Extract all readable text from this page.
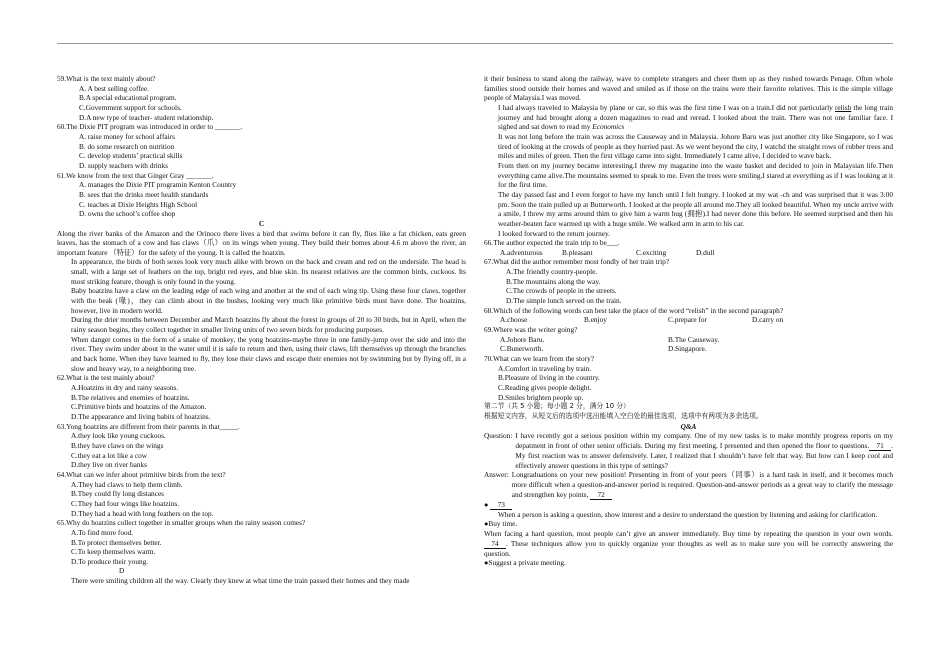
59.What is the text mainly about?
A. A best selling coffee.
B.A special educational program.
C.Government support for schools.
D.A new type of teacher- student relationship.
60.The Dixie PIT program was introduced in order to _______.
A. raise money for school affairs
B. do some research on nutrition
C. develop students’ practical skills
D. supply teachers with drinks
61.We know from the text that Ginger Gray _______.
A. manages the Dixie PIT programin Kenton Country
B. sees that the drinks meet health standards
C. teaches at Dixie Heights High School
D. owns the school’s coffee shop
C
Along the river banks of the Amazon and the Orinoco there lives a bird that swims before it can fly, flies like a fat chicken, eats green leaves, has the stomach of a cow and has claws（爪）on its wings when young. They build their homes about 4.6 m above the river, an important feature （特征）for the safety of the young. It is called the hoatzin.
In appearance, the birds of both sexes look very much alike with brown on the back and cream and red on the underside. The head is small, with a large set of feathers on the top, bright red eyes, and blue skin. Its nearest relatives are the common birds, cuckoos. Its most striking feature, though is only found in the young.
Baby hoatzins have a claw on the leading edge of each wing and another at the end of each wing tip. Using these four claws, together with the beak (喙)，they can climb about in the bushes, looking very much like primitive birds must have done. The hoatzins, however, live in modern world.
During the drier months between December and March hoatzins fly about the forest in groups of 20 to 30 birds, but in April, when the rainy season begins, they collect together in smaller living units of two seven birds for producing purposes.
When danger comes in the form of a snake of monkey, the yong hoatzins-maybe three in one family-jump over the side and into the river. They swim under about in the water until it is safe to return and then, using their claws, lift themselves up through the branches and back home. When they have learned to fly, they lose their claws and escape their enemies not by swimming but by flying off, in a slow and heavy way, to a neighboring tree.
62.What is the test mainly about?
A.Hoatzins in dry and rainy seasons.
B.The relatives and enemies of hoatzins.
C.Primitive birds and hoatzins of the Amazon.
D.The appearance and living babits of hoatzins.
63.Yong hoatzins are different from their parents in that_____.
A.they look like young cuckoos.
B.they have claws on the wings
C.they eat a lot like a cow
D.they live on river banks
64.What can we infer about primitive birds from the text?
A.They had claws to help them climb.
B.They could fly long distances
C.They had four wings like hoatzins.
D.They had a head with long feathers on the top.
65.Why do hoatzins collect together in smaller groups when the rainy season comes?
A.To find more food.
B.To protect themselves better.
C.To keep themselves warm.
D.To produce their young.
D
There were smiling children all the way. Clearly they knew at what time the train passed their homes and they made
it their business to stand along the railway, wave to complete strangers and cheer them up as they rushed towards Penage. Often whole families stood outside their homes and waved and smiled as if those on the trains were their favorite relatives. This is the simple village people of Malaysia.I was moved.
I had always traveled to Malaysia by plane or car, so this was the first time I was on a train.I did not particularly relish the long train journey and had brought along a dozen magazines to read and reread. I looked about the train. There was not one familiar face. I sighed and sat down to read my Economics
It was not long before the train was across the Causeway and in Malaysia. Johore Baru was just another city like Singapore, so I was tired of looking at the crowds of people as they hurried past. As we went beyond the city, I watchd the straight rows of rubber trees and miles and miles of green. Then the first village came into sight. Immediately I came alive, I decided to wave back.
From then on my journey became interesting.I threw my magazine into the waste basket and decided to join in Malaysian life.Then everything came alive.The mountains seemed to speak to me. Even the trees were smiling.I stared at everything as if I was looking at it for the first time.
The day passed fast and I even forgot to have my lunch until I felt hungry. I looked at my wat -ch and was surprised that it was 3:00 pm. Soon the train pulled up at Butterworth. I looked at the people all around me.They all looked beautiful. When my uncle arrive with a smile, I threw my arms around thim to give him a warm hug (拥抱).I had never done this before. He seemed surprised and then his weather-beaten face warmed up with a huge smile. We walked arm in arm to his car.
I looked forward to the return journey.
66.The author expected the train trip to be___.
A.adventurous	B.pleasant	C.exciting	D.dull
67.What did the author remember most fondly of her train trip?
A.The friendly country-people.
B.The mountains along the way.
C.The crowds of people in the streets.
D.The simple lunch served on the train.
68.Which of the following words can best take the place of the word “relish” in the second paragraph?
A.choose	B.enjoy	C.prepare for	D.carry on
69.Where was the writer going?
A.Johore Baru.	B.The Causeway.
C.Bunerworth.	D.Singapore.
70.What can we learn from the story?
A.Comfort in traveling by train.
B.Pleasure of living in the country.
C.Reading gives people delight.
D.Smiles brighten people up.
第二节（共 5 小题；每小题 2 分，满分 10 分）
根据短文内容，从短文后的选项中选出能填入空白处的最佳选项，选项中有两项为多余选项。
Q&A
Question: I have recently got a serious position within my company. One of my new tasks is to make monthly progress reports on my depatment in front of other senior officials. During my first meeting, I presented and then opened the floor to questions. 71 . My first reaction was to answer defensively. Later, I realized that I shouldn’t have felt that way. But how can I keep cool and effectively answer questions in this type of settings?
Answer: Longraduations on your new position! Presenting in front of your peers（同事）is a hard task in itself, and it becomes much more difficult when a question-and-answer period is required. Question-and-answer periods as a great way to clarify the message and strengthen key points, 72
● 73
When a person is asking a question, show interest and a desire to understand the question by listening and asking for clarification.
●Buy time.
When facing a hard question, most people can’t give an answer immediately. Buy time by repeating the question in your own words. 74 . These techniques allow you to quickly organize your thoughts as well as to make sure you will be correctly answering the question.
●Suggest a private meeting.
